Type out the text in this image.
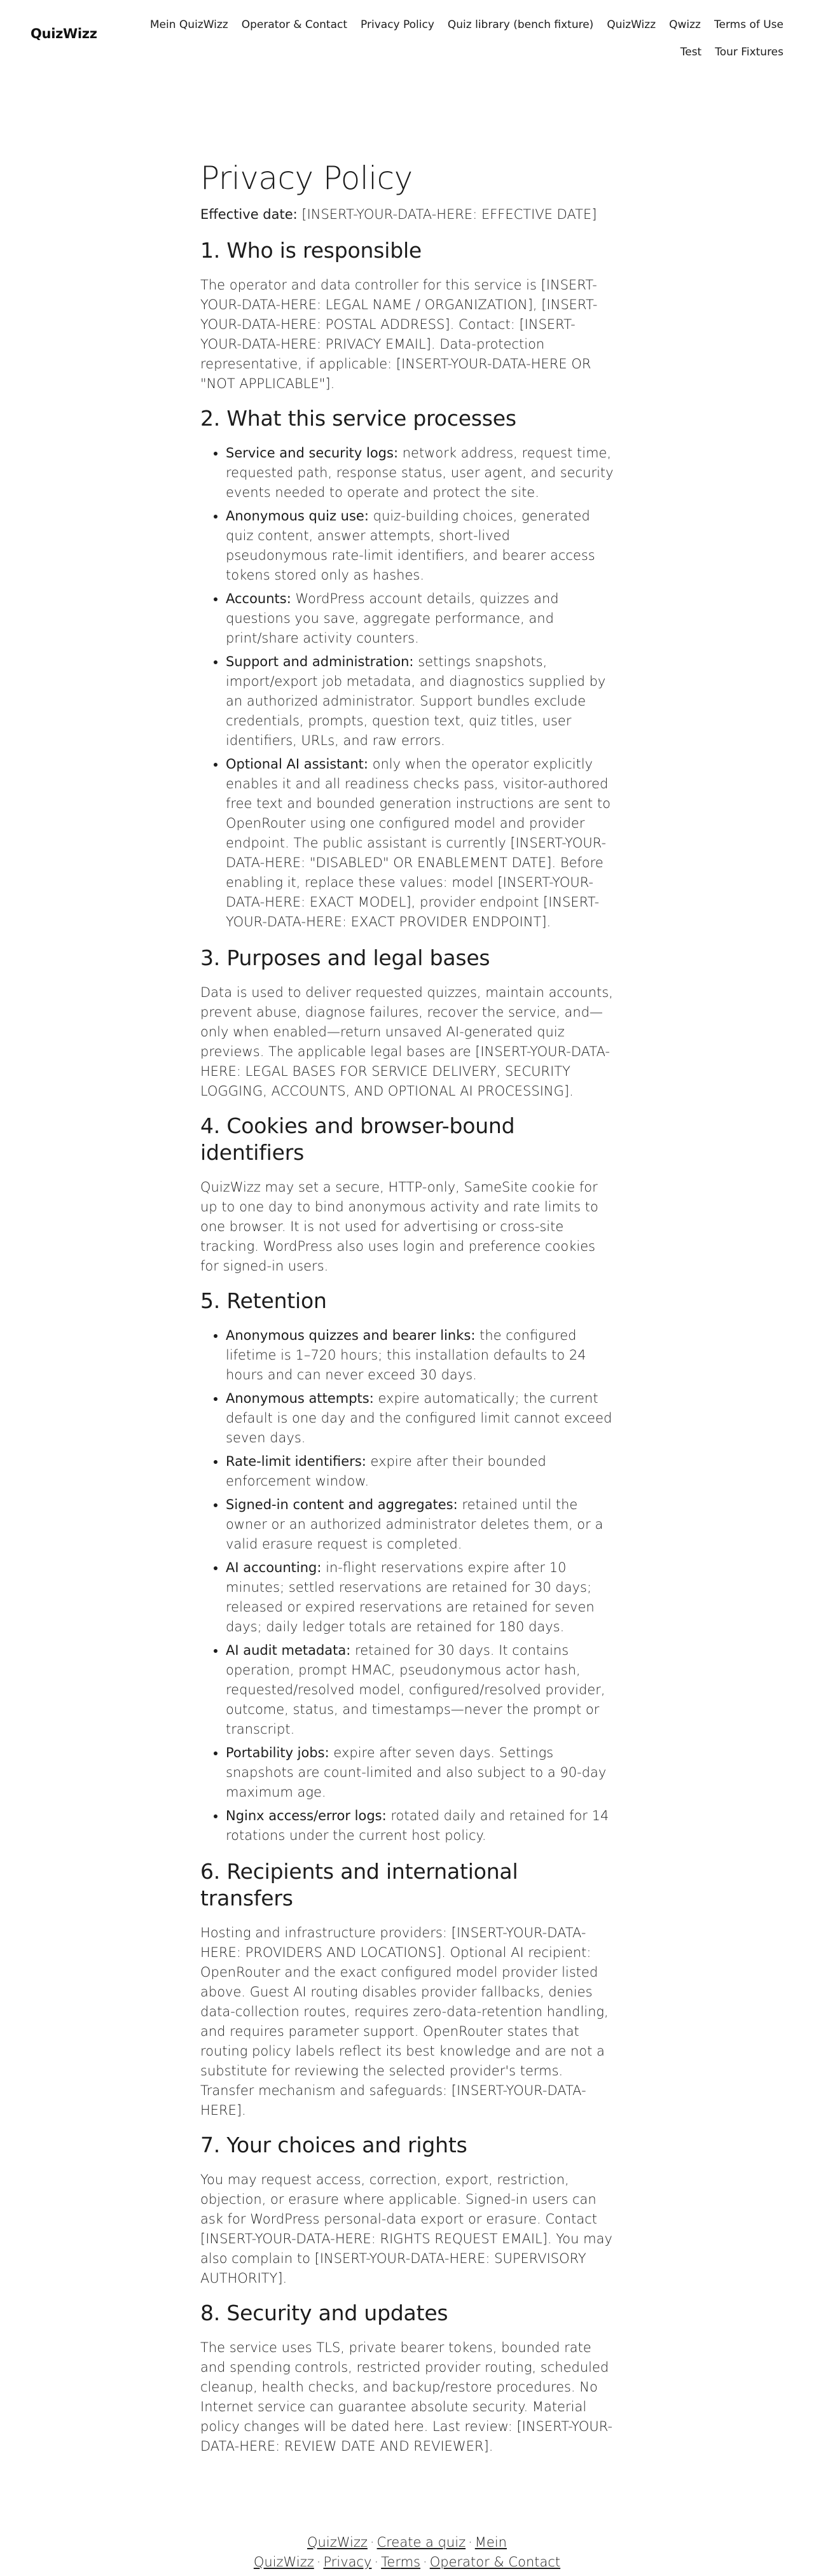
QuizWizz
Mein QuizWizz Operator & Contact Privacy Policy Quiz library (bench fixture) QuizWizz Qwizz Terms of Use
Test Tour Fixtures
Privacy Policy

Effective date: [INSERT-YOUR-DATA-HERE: EFFECTIVE DATE]

1. Who is responsible

The operator and data controller for this service is [INSERT-YOUR-DATA-HERE: LEGAL NAME / ORGANIZATION], [INSERT-YOUR-DATA-HERE: POSTAL ADDRESS]. Contact: [INSERT-YOUR-DATA-HERE: PRIVACY EMAIL]. Data-protection representative, if applicable: [INSERT-YOUR-DATA-HERE OR "NOT APPLICABLE"].

2. What this service processes
• Service and security logs: network address, request time, requested path, response status, user agent, and security events needed to operate and protect the site.
• Anonymous quiz use: quiz-building choices, generated quiz content, answer attempts, short-lived pseudonymous rate-limit identifiers, and bearer access tokens stored only as hashes.
• Accounts: WordPress account details, quizzes and questions you save, aggregate performance, and print/share activity counters.
• Support and administration: settings snapshots, import/export job metadata, and diagnostics supplied by an authorized administrator. Support bundles exclude credentials, prompts, question text, quiz titles, user identifiers, URLs, and raw errors.
• Optional AI assistant: only when the operator explicitly enables it and all readiness checks pass, visitor-authored free text and bounded generation instructions are sent to OpenRouter using one configured model and provider endpoint. The public assistant is currently [INSERT-YOUR-DATA-HERE: "DISABLED" OR ENABLEMENT DATE]. Before enabling it, replace these values: model [INSERT-YOUR-DATA-HERE: EXACT MODEL], provider endpoint [INSERT-YOUR-DATA-HERE: EXACT PROVIDER ENDPOINT].
3. Purposes and legal bases

Data is used to deliver requested quizzes, maintain accounts, prevent abuse, diagnose failures, recover the service, and—only when enabled—return unsaved AI-generated quiz previews. The applicable legal bases are [INSERT-YOUR-DATA-HERE: LEGAL BASES FOR SERVICE DELIVERY, SECURITY LOGGING, ACCOUNTS, AND OPTIONAL AI PROCESSING].

4. Cookies and browser-bound identifiers

QuizWizz may set a secure, HTTP-only, SameSite cookie for up to one day to bind anonymous activity and rate limits to one browser. It is not used for advertising or cross-site tracking. WordPress also uses login and preference cookies for signed-in users.

5. Retention
• Anonymous quizzes and bearer links: the configured lifetime is 1–720 hours; this installation defaults to 24 hours and can never exceed 30 days.
• Anonymous attempts: expire automatically; the current default is one day and the configured limit cannot exceed seven days.
• Rate-limit identifiers: expire after their bounded enforcement window.
• Signed-in content and aggregates: retained until the owner or an authorized administrator deletes them, or a valid erasure request is completed.
• AI accounting: in-flight reservations expire after 10 minutes; settled reservations are retained for 30 days; released or expired reservations are retained for seven days; daily ledger totals are retained for 180 days.
• AI audit metadata: retained for 30 days. It contains operation, prompt HMAC, pseudonymous actor hash, requested/resolved model, configured/resolved provider, outcome, status, and timestamps—never the prompt or transcript.
• Portability jobs: expire after seven days. Settings snapshots are count-limited and also subject to a 90-day maximum age.
• Nginx access/error logs: rotated daily and retained for 14 rotations under the current host policy.
6. Recipients and international transfers

Hosting and infrastructure providers: [INSERT-YOUR-DATA-HERE: PROVIDERS AND LOCATIONS]. Optional AI recipient: OpenRouter and the exact configured model provider listed above. Guest AI routing disables provider fallbacks, denies data-collection routes, requires zero-data-retention handling, and requires parameter support. OpenRouter states that routing policy labels reflect its best knowledge and are not a substitute for reviewing the selected provider's terms. Transfer mechanism and safeguards: [INSERT-YOUR-DATA-HERE].

7. Your choices and rights

You may request access, correction, export, restriction, objection, or erasure where applicable. Signed-in users can ask for WordPress personal-data export or erasure. Contact [INSERT-YOUR-DATA-HERE: RIGHTS REQUEST EMAIL]. You may also complain to [INSERT-YOUR-DATA-HERE: SUPERVISORY AUTHORITY].

8. Security and updates

The service uses TLS, private bearer tokens, bounded rate and spending controls, restricted provider routing, scheduled cleanup, health checks, and backup/restore procedures. No Internet service can guarantee absolute security. Material policy changes will be dated here. Last review: [INSERT-YOUR-DATA-HERE: REVIEW DATE AND REVIEWER].

QuizWizz · Create a quiz · Mein QuizWizz · Privacy · Terms · Operator & Contact
